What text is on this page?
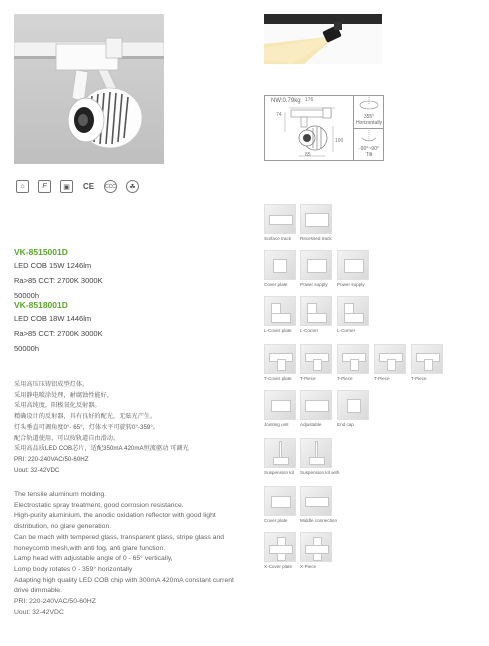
NW:0.79kg 176
74
100
85
355°
Horizontally
-90°~90°
Tilt
⌂	F	▣	CE CCC	☘
VK-8515001D
LED COB 15W 1246lm
Ra>85 CCT: 2700K 3000K
50000h
VK-8518001D
LED COB 18W 1446lm
Ra>85 CCT: 2700K 3000K
50000h
采用高压压铸铝成型灯体。
采用静电喷涂处理，耐腐蚀性能好。
采用高纯度，阳极氧化反射器。
精确设计的反射器，具有良好的配光，无眩光产生。
灯头垂直可调角度0°- 65°，灯体水平可旋转0°-359°。
配合轨道使用，可以按轨道自由滑动。
采用高品质LED COB芯片，适配350mA 420mA恒流驱动 可调光
PRI: 220-240VAC/50-60HZ
Uout: 32-42VDC
The tensile aluminum molding.
Electrostatic spray treatment, good corrosion resistance.
High-purity aluminium, the anodic oxidation reflector with good light distribution, no glare generation.
Can be mach with tempered glass, transparent glass, stripe glass and honeycomb mesh,with anti fog, anti glare function.
Lamp head with adjustable angle of 0 - 65° vertically,
Lomp body rotates 0 - 359° horizontally
Adapting high quality LED COB chip with 300mA 420mA constant current drive dimmable.
PRI: 220-240VAC/50-60HZ
Uout: 32-42VDC
Surface track	Recessed track
Cover plate	Power supply	Power supply
L-Cover plate	L-Corner	L-Corner
T-Cover plate	T-Piece	T-Piece	T-Piece	T-Piece
Jointing unit	Adjustable	End cap
Suspension kit	Suspension kit with
Cover plate	Middle connection
X-Cover plate	X-Piece
